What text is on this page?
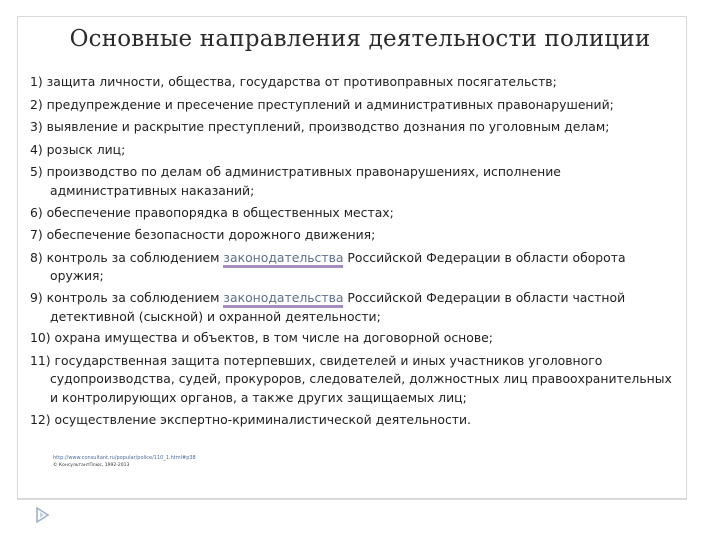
Основные направления деятельности полиции

1) защита личности, общества, государства от противоправных посягательств;

2) предупреждение и пресечение преступлений и административных правонарушений;

3) выявление и раскрытие преступлений, производство дознания по уголовным делам;

4) розыск лиц;

5) производство по делам об административных правонарушениях, исполнение административных наказаний;

6) обеспечение правопорядка в общественных местах;

7) обеспечение безопасности дорожного движения;

8) контроль за соблюдением законодательства Российской Федерации в области оборота оружия;

9) контроль за соблюдением законодательства Российской Федерации в области частной детективной (сыскной) и охранной деятельности;

10) охрана имущества и объектов, в том числе на договорной основе;

11) государственная защита потерпевших, свидетелей и иных участников уголовного судопроизводства, судей, прокуроров, следователей, должностных лиц правоохранительных и контролирующих органов, а также других защищаемых лиц;

12) осуществление экспертно-криминалистической деятельности.

http://www.consultant.ru/popular/police/110_1.html#p38
© КонсультантПлюс, 1992-2013
